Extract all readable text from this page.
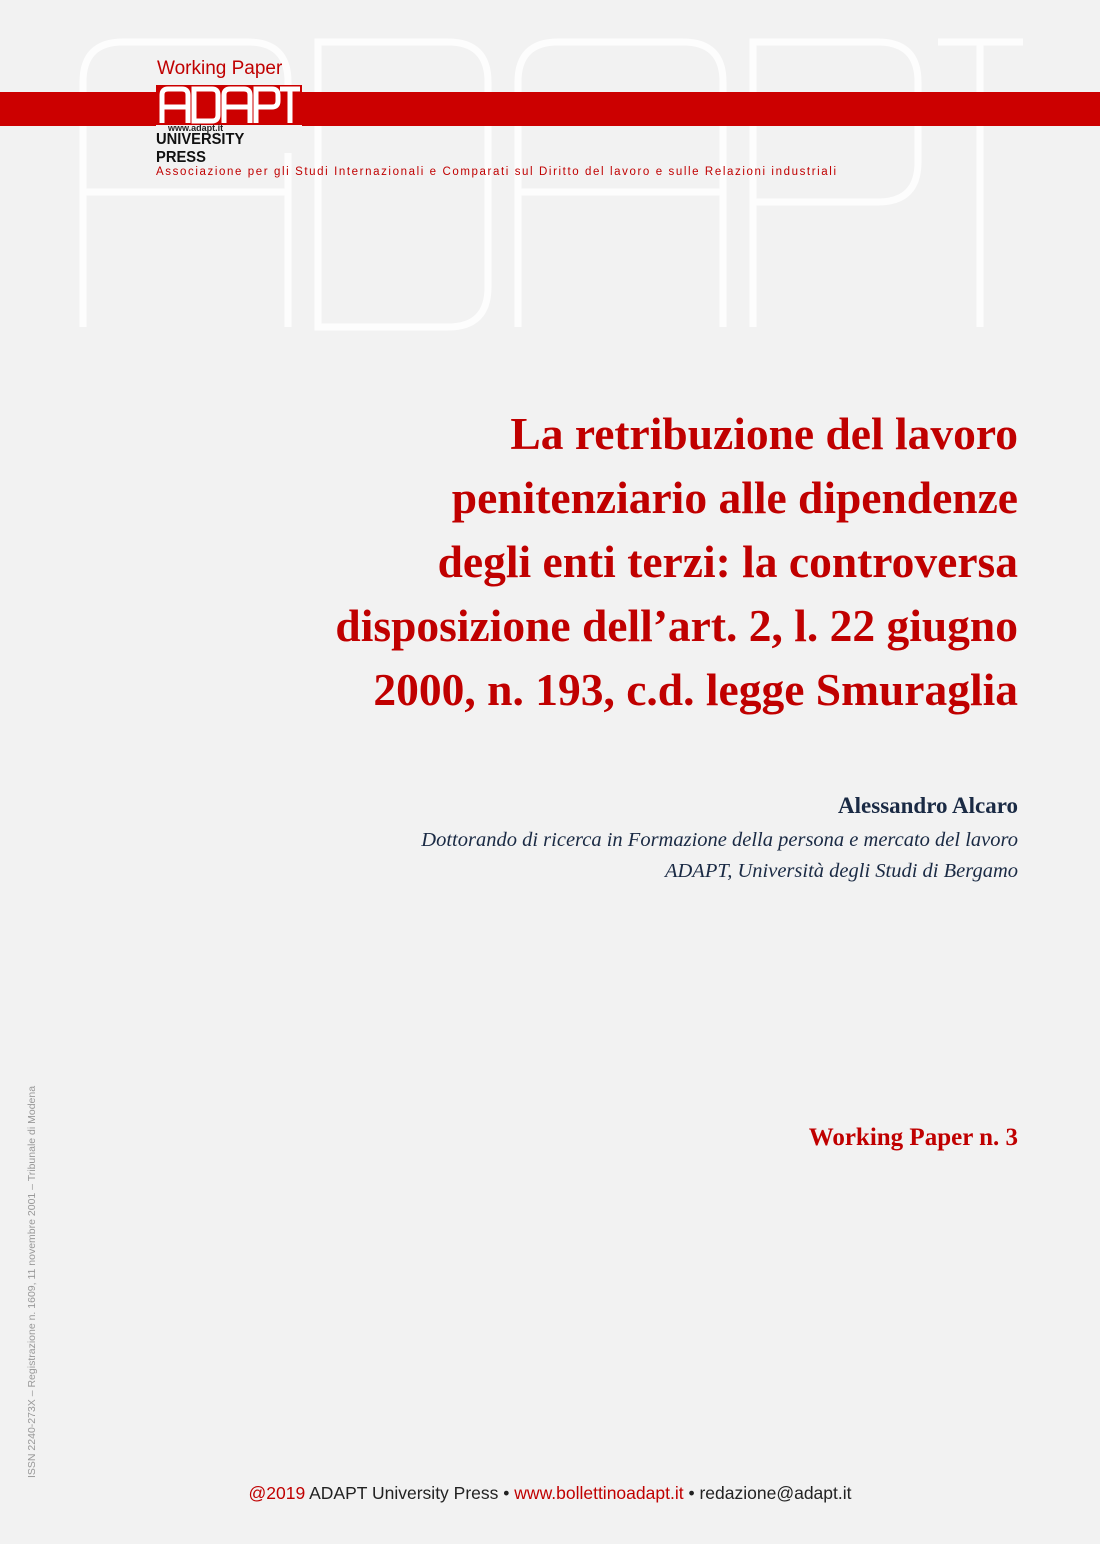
Working Paper
www.adapt.it
UNIVERSITY PRESS
Associazione per gli Studi Internazionali e Comparati sul Diritto del lavoro e sulle Relazioni industriali
La retribuzione del lavoro
penitenziario alle dipendenze
degli enti terzi: la controversa
disposizione dell’art. 2, l. 22 giugno
2000, n. 193, c.d. legge Smuraglia
Alessandro Alcaro
Dottorando di ricerca in Formazione della persona e mercato del lavoro
ADAPT, Università degli Studi di Bergamo
Working Paper n. 3
ISSN 2240-273X – Registrazione n. 1609, 11 novembre 2001 – Tribunale di Modena
@2019 ADAPT University Press • www.bollettinoadapt.it • redazione@adapt.it
